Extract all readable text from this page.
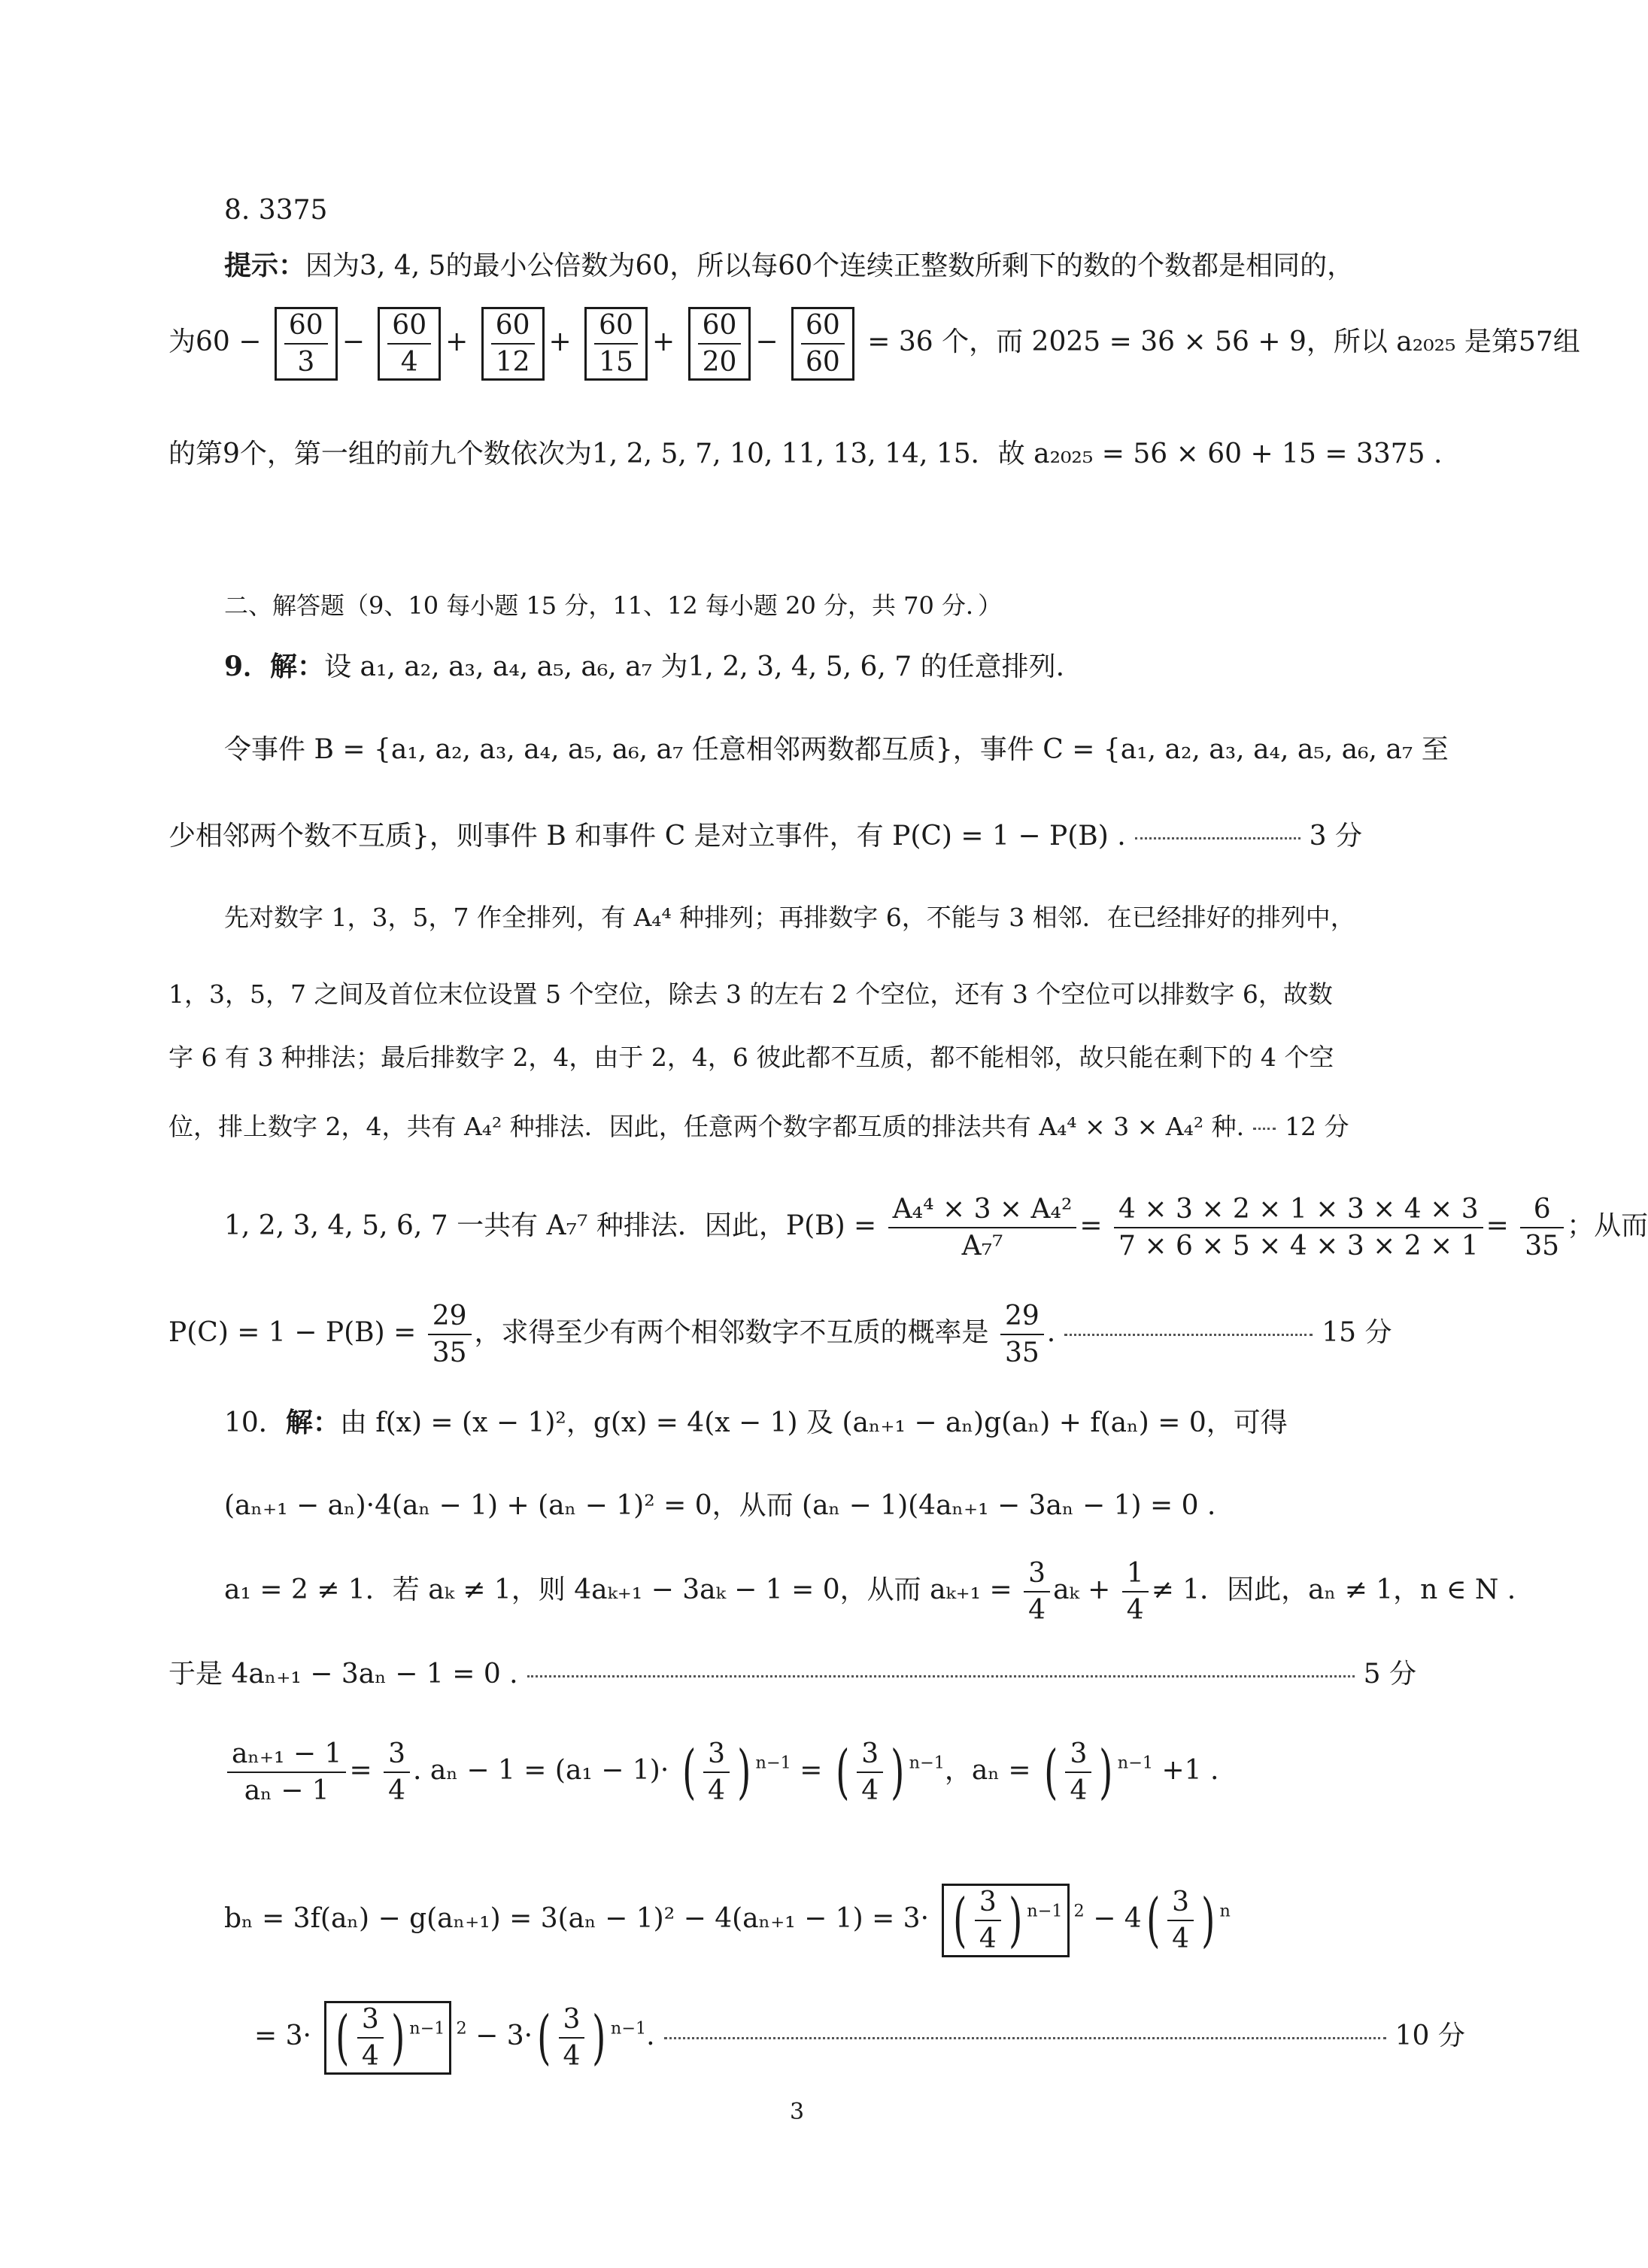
8. 3375
提示：因为3, 4, 5的最小公倍数为60，所以每60个连续正整数所剩下的数的个数都是相同的，
为$60 - \frac{60}{3} - \frac{60}{4} + \frac{60}{12} + \frac{60}{15} + \frac{60}{20} - \frac{60}{60} = 36$ 个，而 2025 = 36 × 56 + 9，所以 a₂₀₂₅ 是第57组
的第9个，第一组的前九个数依次为1, 2, 5, 7, 10, 11, 13, 14, 15．故 a₂₀₂₅ = 56 × 60 + 15 = 3375 .
二、解答题（9、10 每小题 15 分，11、12 每小题 20 分，共 70 分．）
9．解：设 a₁, a₂, a₃, a₄, a₅, a₆, a₇ 为1, 2, 3, 4, 5, 6, 7 的任意排列.
令事件 B = {a₁, a₂, a₃, a₄, a₅, a₆, a₇ 任意相邻两数都互质}，事件 C = {a₁, a₂, a₃, a₄, a₅, a₆, a₇ 至
少相邻两个数不互质}，则事件 B 和事件 C 是对立事件，有 P(C) = 1 − P(B) .	3 分
先对数字 1，3，5，7 作全排列，有 A₄⁴ 种排列；再排数字 6，不能与 3 相邻．在已经排好的排列中，
1，3，5，7 之间及首位末位设置 5 个空位，除去 3 的左右 2 个空位，还有 3 个空位可以排数字 6，故数
字 6 有 3 种排法；最后排数字 2，4，由于 2，4，6 彼此都不互质，都不能相邻，故只能在剩下的 4 个空
位，排上数字 2，4，共有 A₄² 种排法．因此，任意两个数字都互质的排法共有 A₄⁴ × 3 × A₄² 种. 12 分
1, 2, 3, 4, 5, 6, 7 一共有 A₇⁷ 种排法．因此，$P(B) = \frac{\text{A₄⁴ × 3 × A₄²}}{\text{A₇⁷}} = \frac{4 \times 3 \times 2 \times 1 \times 3 \times 4 \times 3}{7 \times 6 \times 5 \times 4 \times 3 \times 2 \times 1} = \frac{6}{35}$ ；从而
$P(C) = 1 - P(B) = \frac{29}{35}$ ，求得至少有两个相邻数字不互质的概率是 $\frac{29}{35}$ .	15 分
10．解：由 f(x) = (x − 1)²，g(x) = 4(x − 1) 及 (aₙ₊₁ − aₙ)g(aₙ) + f(aₙ) = 0，可得
(aₙ₊₁ − aₙ)·4(aₙ − 1) + (aₙ − 1)² = 0，从而 (aₙ − 1)(4aₙ₊₁ − 3aₙ − 1) = 0 .
a₁ = 2 ≠ 1．若 aₖ ≠ 1，则 4aₖ₊₁ − 3aₖ − 1 = 0，从而 $a_{k+1} = \frac{3}{4}$ $a_k + \frac{1}{4} \ne 1$．因此，aₙ ≠ 1，n ∈ N .
于是 4aₙ₊₁ − 3aₙ − 1 = 0 .	5 分
$\frac{\text{aₙ₊₁ − 1}}{\text{aₙ − 1}} = \frac{3}{4}$ . aₙ − 1 = (a₁ − 1)· ( $\frac{3}{4}$ ) $^{n-1}$ = ( $\frac{3}{4}$ ) $^{n-1}$，aₙ = ( $\frac{3}{4}$ ) $^{n-1}$ +1 .
bₙ = 3f(aₙ) − g(aₙ₊₁) = 3(aₙ − 1)² − 4(aₙ₊₁ − 1) = 3· ( $\frac{3}{4}$ ) $^{n-1}$ $^2 - 4( \frac{3}{4}$ ) $^n$
= 3· ( $\frac{3}{4}$ ) $^{n-1}$ $^2 - 3\cdot( \frac{3}{4}$ ) $^{n-1}$.	10 分
3
